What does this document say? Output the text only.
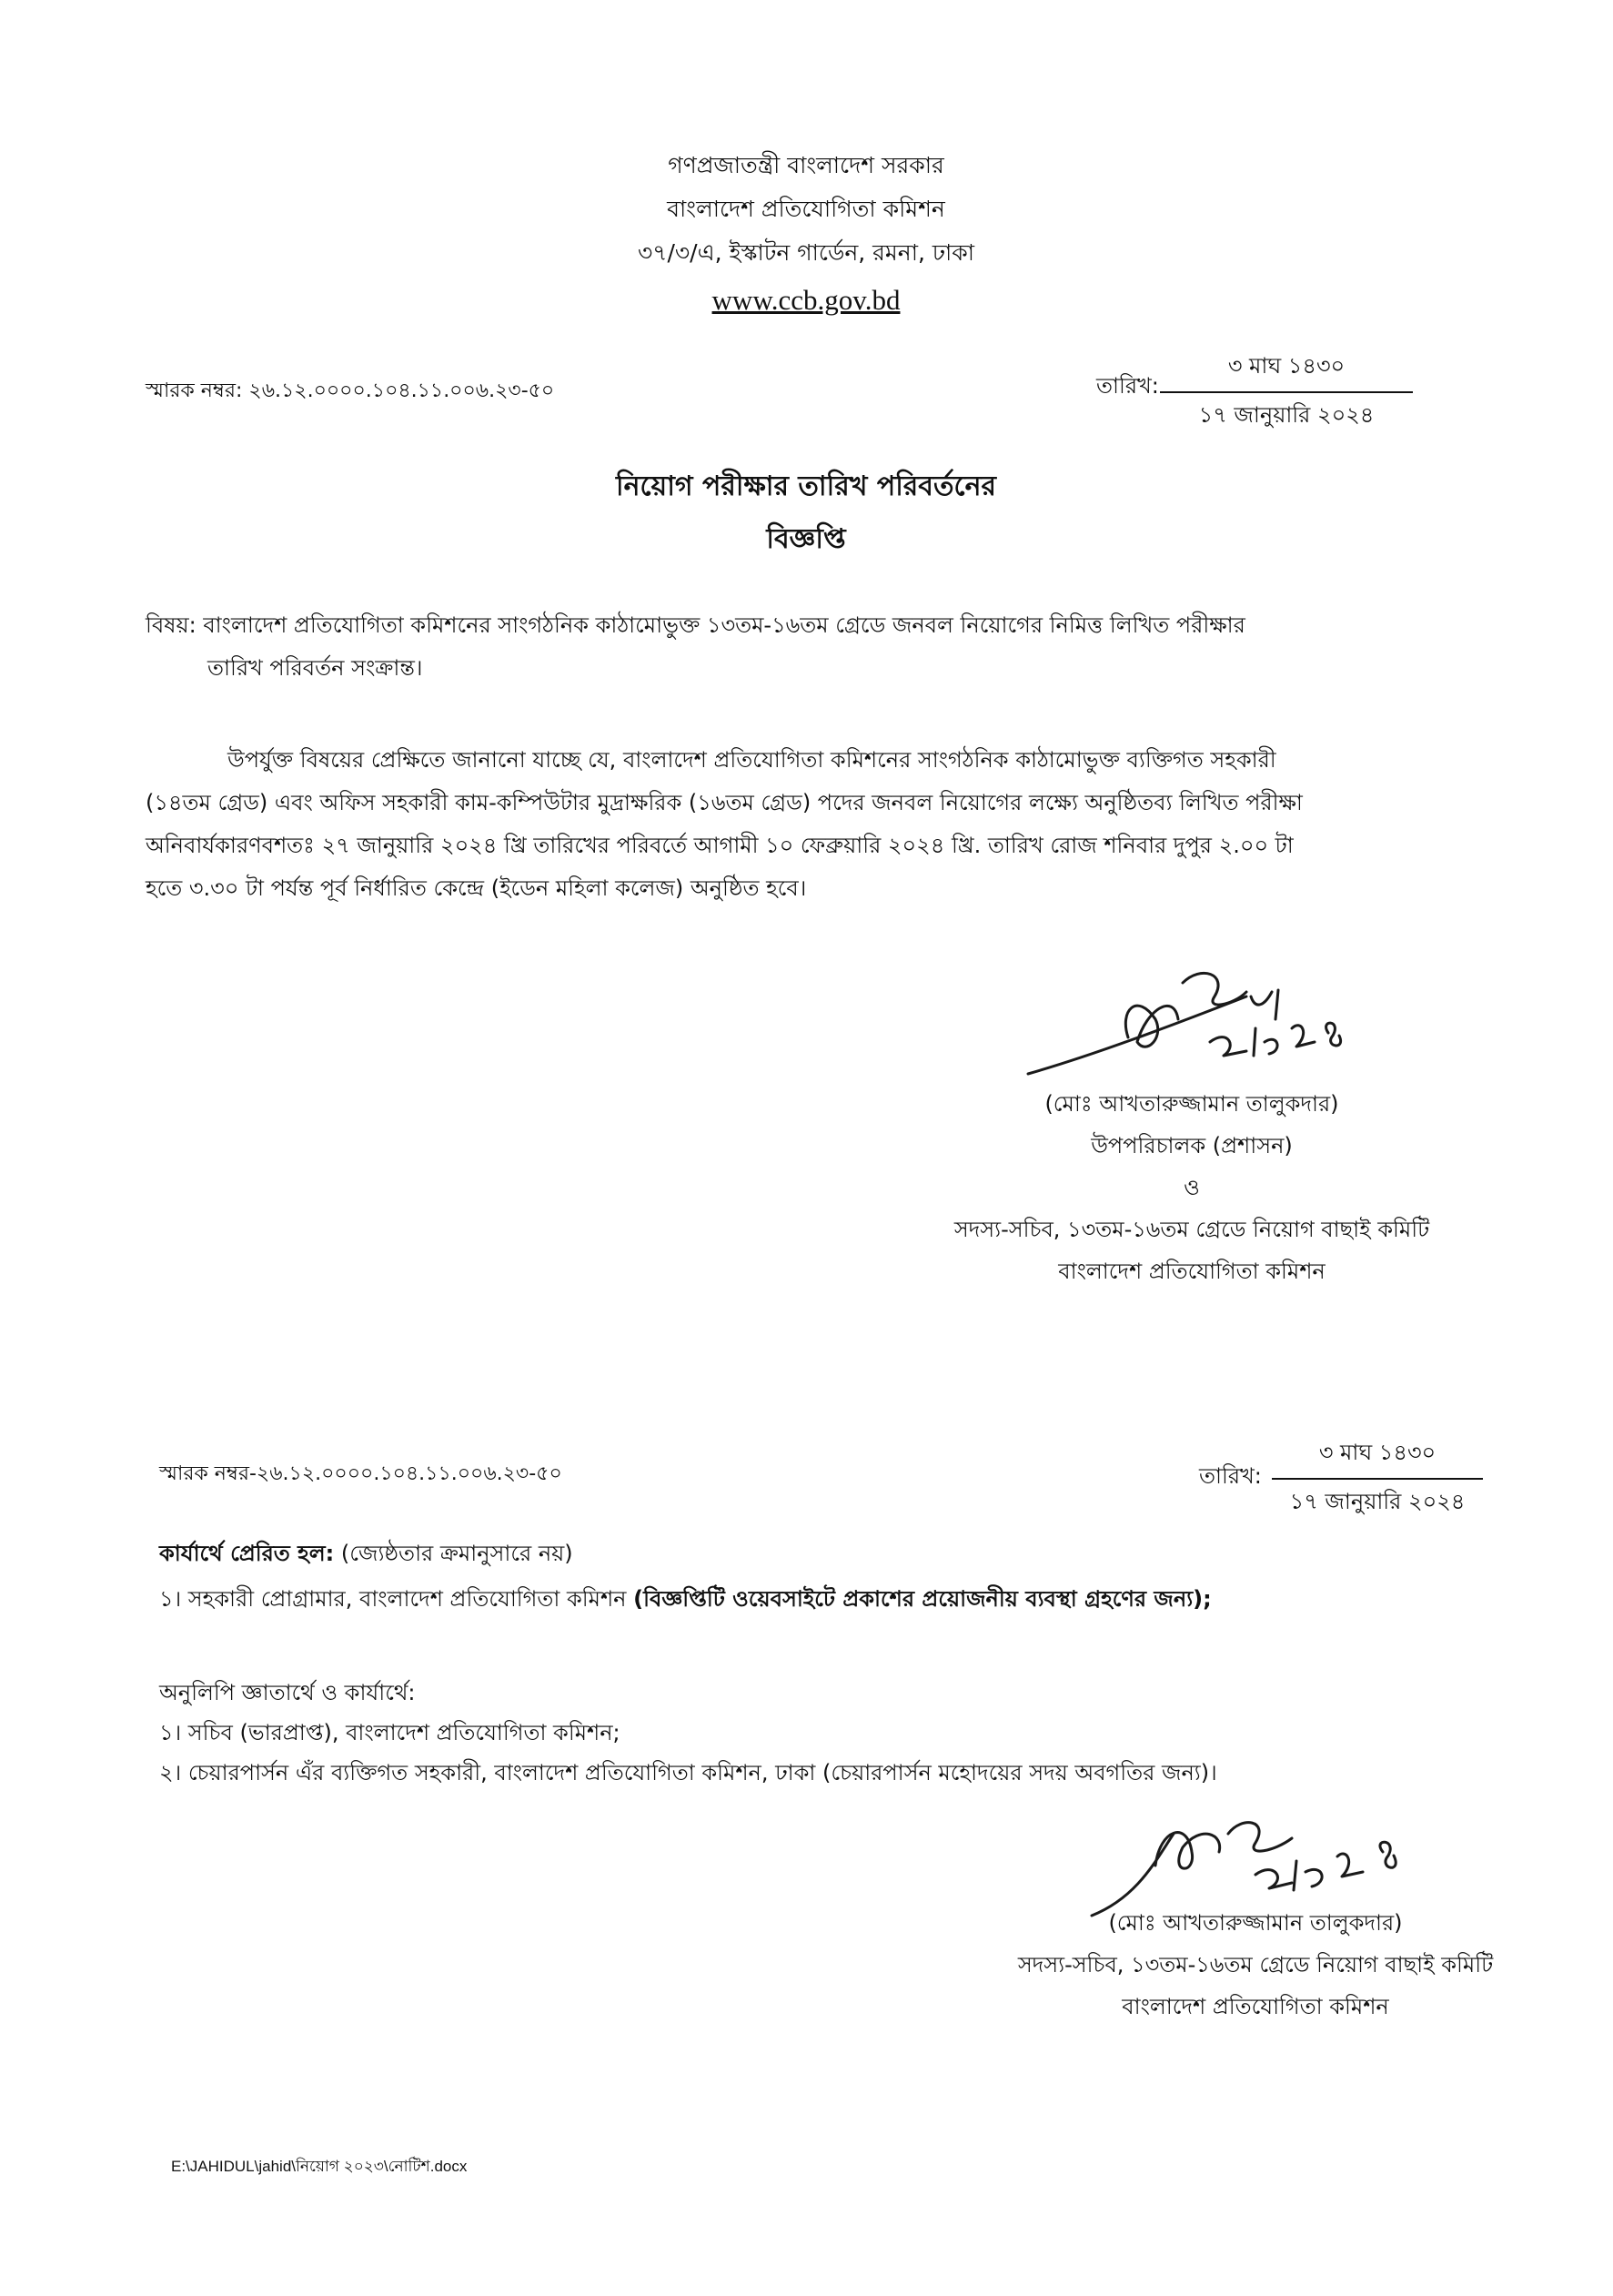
গণপ্রজাতন্ত্রী বাংলাদেশ সরকার
বাংলাদেশ প্রতিযোগিতা কমিশন
৩৭/৩/এ, ইস্কাটন গার্ডেন, রমনা, ঢাকা
www.ccb.gov.bd
স্মারক নম্বর: ২৬.১২.০০০০.১০৪.১১.০০৬.২৩-৫০	তারিখ:
৩ মাঘ ১৪৩০
১৭ জানুয়ারি ২০২৪
নিয়োগ পরীক্ষার তারিখ পরিবর্তনের
বিজ্ঞপ্তি
বিষয়: বাংলাদেশ প্রতিযোগিতা কমিশনের সাংগঠনিক কাঠামোভুক্ত ১৩তম-১৬তম গ্রেডে জনবল নিয়োগের নিমিত্ত লিখিত পরীক্ষার
তারিখ পরিবর্তন সংক্রান্ত।
উপর্যুক্ত বিষয়ের প্রেক্ষিতে জানানো যাচ্ছে যে, বাংলাদেশ প্রতিযোগিতা কমিশনের সাংগঠনিক কাঠামোভুক্ত ব্যক্তিগত সহকারী
(১৪তম গ্রেড) এবং অফিস সহকারী কাম-কম্পিউটার মুদ্রাক্ষরিক (১৬তম গ্রেড) পদের জনবল নিয়োগের লক্ষ্যে অনুষ্ঠিতব্য লিখিত পরীক্ষা
অনিবার্যকারণবশতঃ ২৭ জানুয়ারি ২০২৪ খ্রি তারিখের পরিবর্তে আগামী ১০ ফেব্রুয়ারি ২০২৪ খ্রি. তারিখ রোজ শনিবার দুপুর ২.০০ টা
হতে ৩.৩০ টা পর্যন্ত পূর্ব নির্ধারিত কেন্দ্রে (ইডেন মহিলা কলেজ) অনুষ্ঠিত হবে।
(মোঃ আখতারুজ্জামান তালুকদার)
উপপরিচালক (প্রশাসন)
ও
সদস্য-সচিব, ১৩তম-১৬তম গ্রেডে নিয়োগ বাছাই কমিটি
বাংলাদেশ প্রতিযোগিতা কমিশন
স্মারক নম্বর-২৬.১২.০০০০.১০৪.১১.০০৬.২৩-৫০	তারিখ:
৩ মাঘ ১৪৩০
১৭ জানুয়ারি ২০২৪
কার্যার্থে প্রেরিত হল: (জ্যেষ্ঠতার ক্রমানুসারে নয়)
১। সহকারী প্রোগ্রামার, বাংলাদেশ প্রতিযোগিতা কমিশন (বিজ্ঞপ্তিটি ওয়েবসাইটে প্রকাশের প্রয়োজনীয় ব্যবস্থা গ্রহণের জন্য);
অনুলিপি জ্ঞাতার্থে ও কার্যার্থে:
১। সচিব (ভারপ্রাপ্ত), বাংলাদেশ প্রতিযোগিতা কমিশন;
২। চেয়ারপার্সন এঁর ব্যক্তিগত সহকারী, বাংলাদেশ প্রতিযোগিতা কমিশন, ঢাকা (চেয়ারপার্সন মহোদয়ের সদয় অবগতির জন্য)।
(মোঃ আখতারুজ্জামান তালুকদার)
সদস্য-সচিব, ১৩তম-১৬তম গ্রেডে নিয়োগ বাছাই কমিটি
বাংলাদেশ প্রতিযোগিতা কমিশন
E:\JAHIDUL\jahid\নিয়োগ ২০২৩\নোটিশ.docx
